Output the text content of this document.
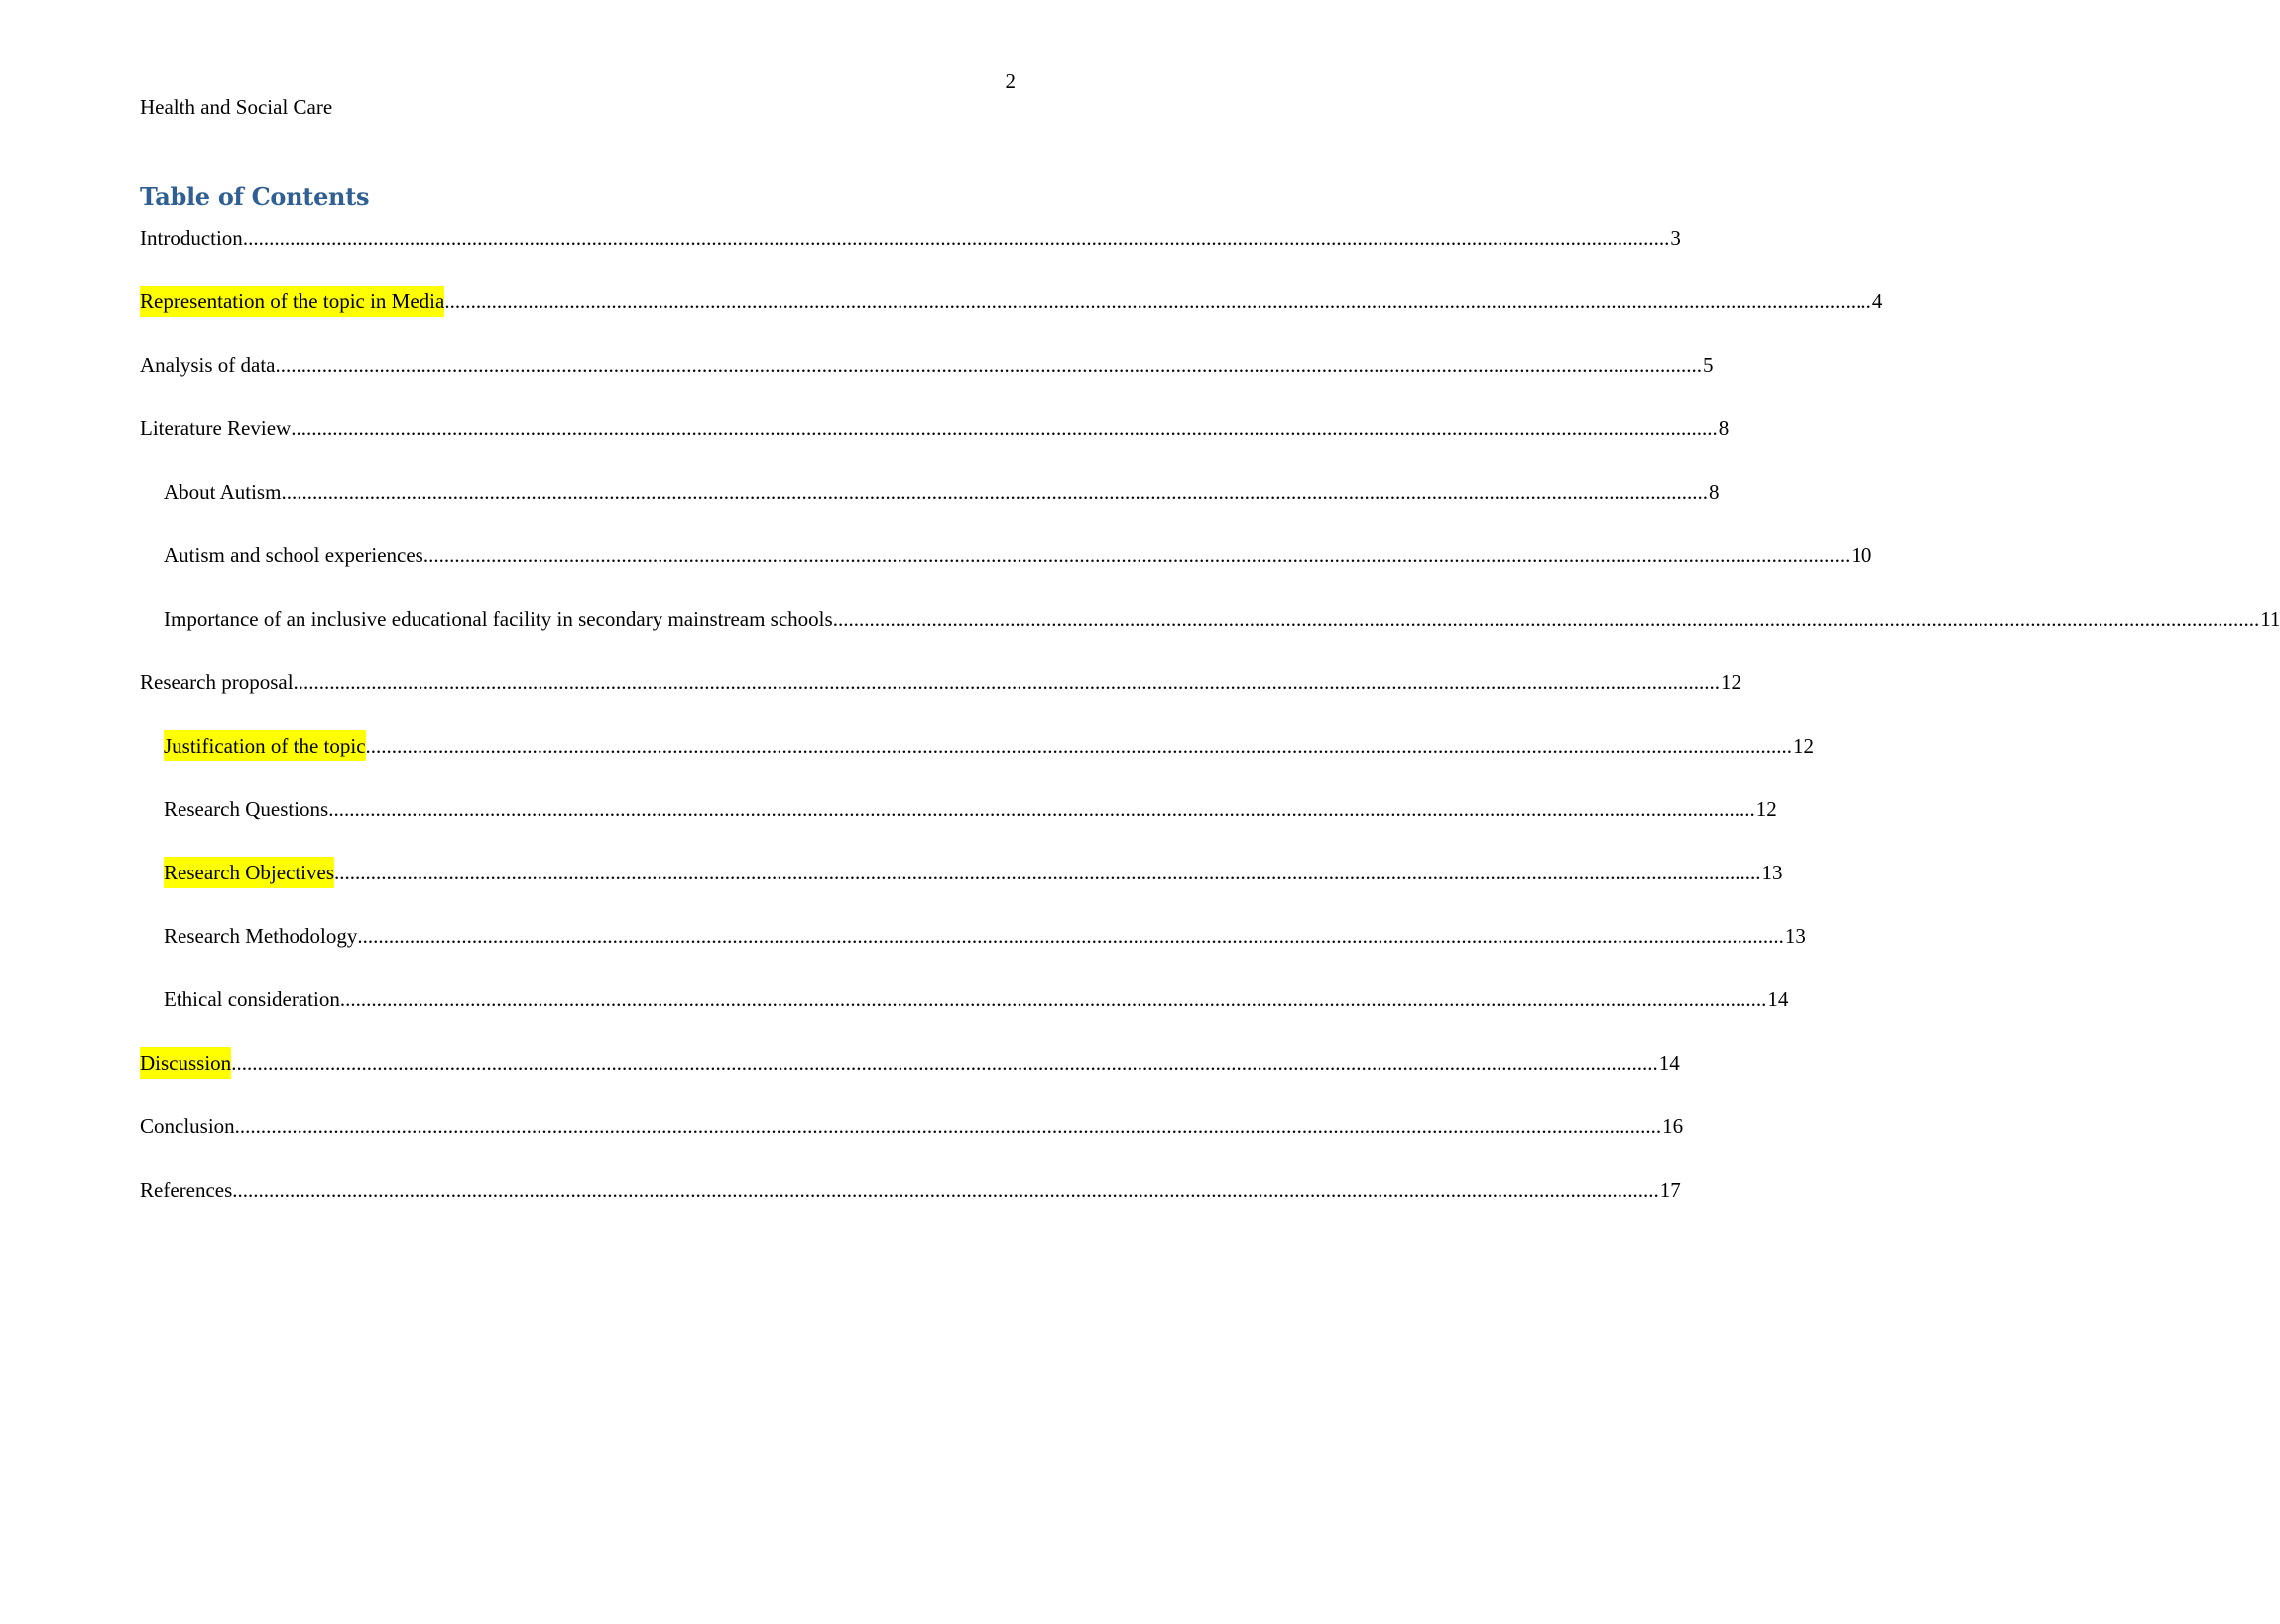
2
Health and Social Care
Table of Contents
Introduction .................................................................................................................................................................................................................................................................................. 3
Representation of the topic in Media .................................................................................................................................................................................................................................................................................. 4
Analysis of data .................................................................................................................................................................................................................................................................................. 5
Literature Review .................................................................................................................................................................................................................................................................................. 8
About Autism .................................................................................................................................................................................................................................................................................. 8
Autism and school experiences .................................................................................................................................................................................................................................................................................. 10
Importance of an inclusive educational facility in secondary mainstream schools .................................................................................................................................................................................................................................................................................. 11
Research proposal .................................................................................................................................................................................................................................................................................. 12
Justification of the topic .................................................................................................................................................................................................................................................................................. 12
Research Questions .................................................................................................................................................................................................................................................................................. 12
Research Objectives .................................................................................................................................................................................................................................................................................. 13
Research Methodology .................................................................................................................................................................................................................................................................................. 13
Ethical consideration .................................................................................................................................................................................................................................................................................. 14
Discussion .................................................................................................................................................................................................................................................................................. 14
Conclusion .................................................................................................................................................................................................................................................................................. 16
References .................................................................................................................................................................................................................................................................................. 17
